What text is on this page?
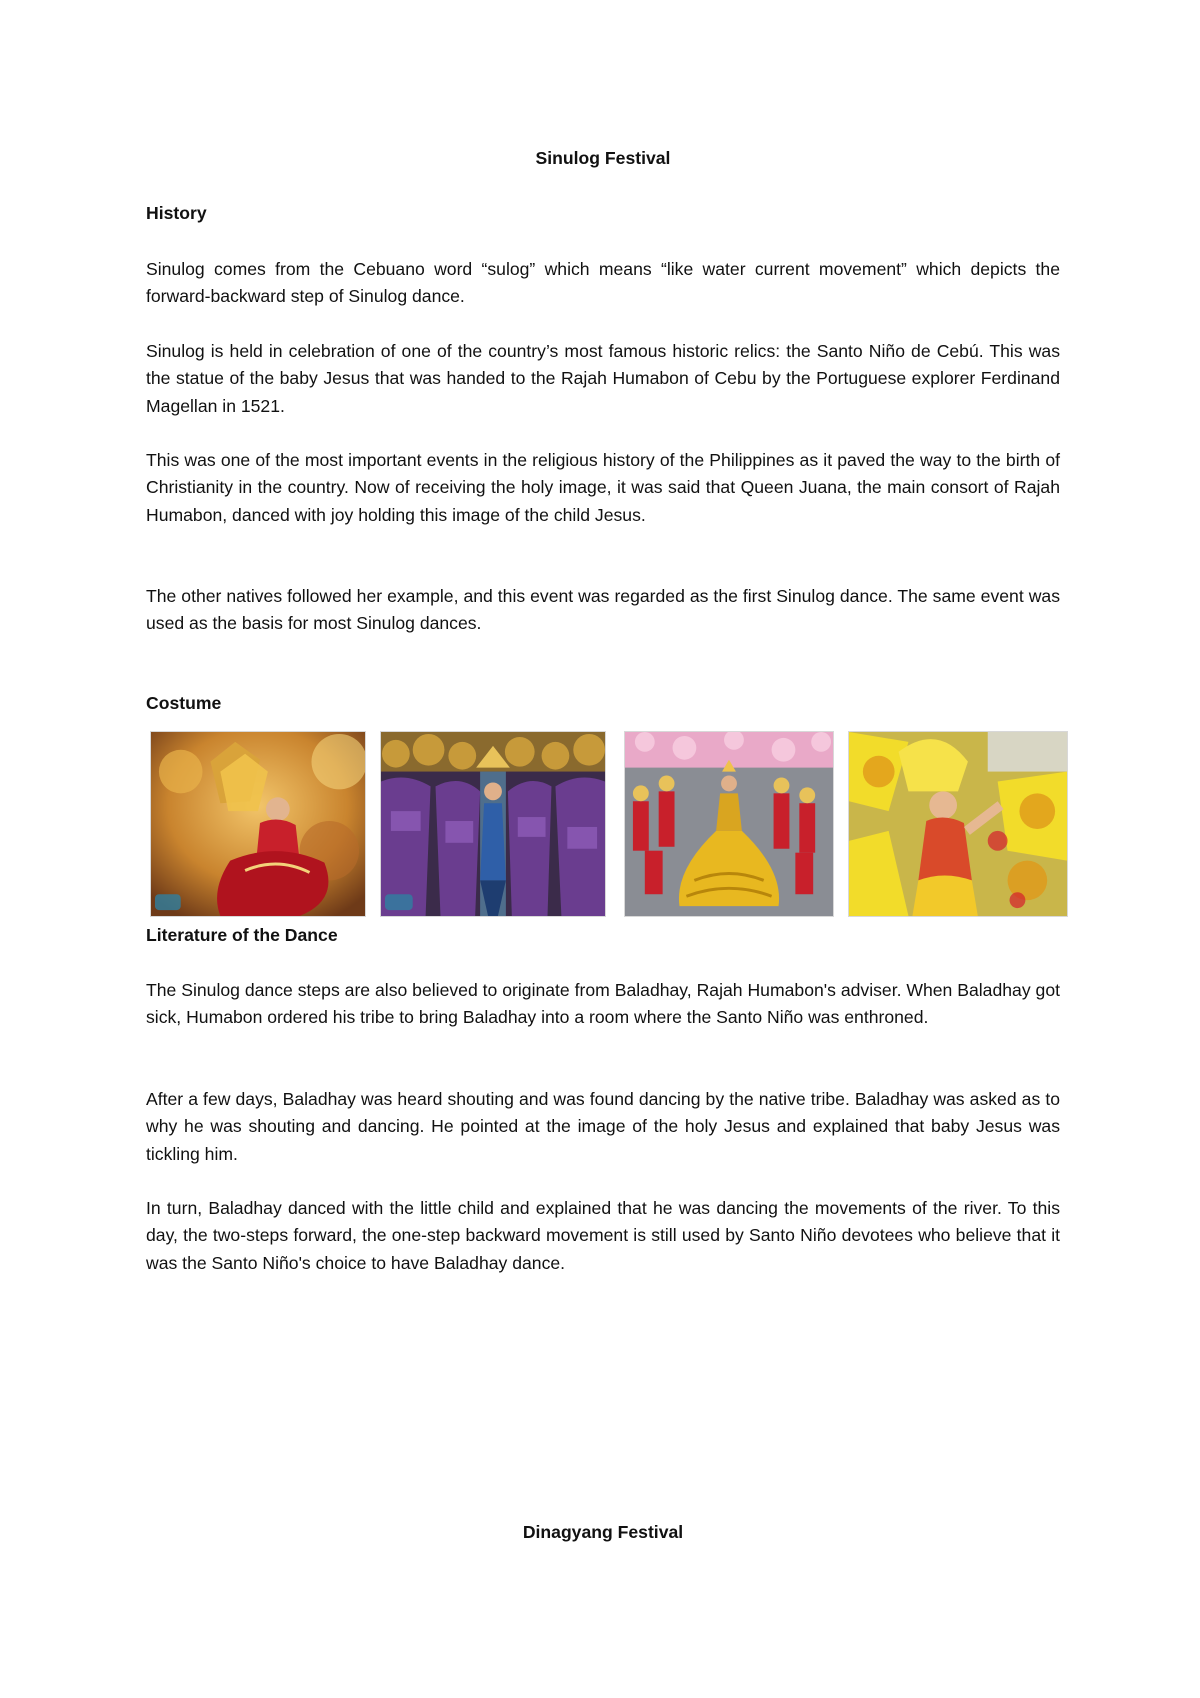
Sinulog Festival
History

Sinulog comes from the Cebuano word “sulog” which means “like water current movement” which depicts the forward-backward step of Sinulog dance.

Sinulog is held in celebration of one of the country’s most famous historic relics: the Santo Niño de Cebú. This was the statue of the baby Jesus that was handed to the Rajah Humabon of Cebu by the Portuguese explorer Ferdinand Magellan in 1521.

This was one of the most important events in the religious history of the Philippines as it paved the way to the birth of Christianity in the country. Now of receiving the holy image, it was said that Queen Juana, the main consort of Rajah Humabon, danced with joy holding this image of the child Jesus.

The other natives followed her example, and this event was regarded as the first Sinulog dance. The same event was used as the basis for most Sinulog dances.

Costume
Literature of the Dance

The Sinulog dance steps are also believed to originate from Baladhay, Rajah Humabon's adviser. When Baladhay got sick, Humabon ordered his tribe to bring Baladhay into a room where the Santo Niño was enthroned.

After a few days, Baladhay was heard shouting and was found dancing by the native tribe. Baladhay was asked as to why he was shouting and dancing. He pointed at the image of the holy Jesus and explained that baby Jesus was tickling him.

In turn, Baladhay danced with the little child and explained that he was dancing the movements of the river. To this day, the two-steps forward, the one-step backward movement is still used by Santo Niño devotees who believe that it was the Santo Niño's choice to have Baladhay dance.

Dinagyang Festival
